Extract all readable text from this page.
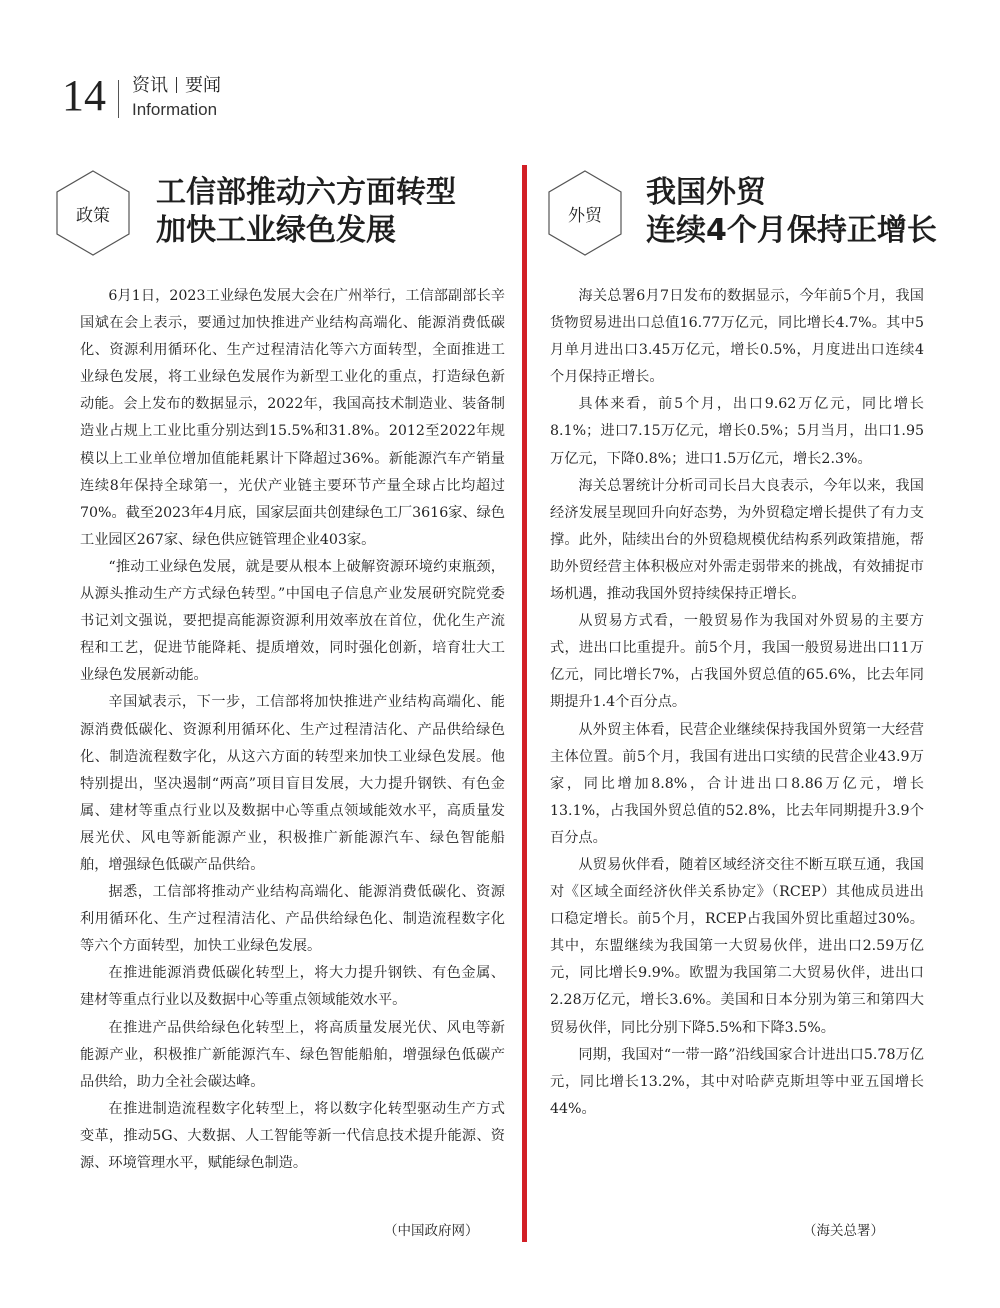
14 资讯 要闻
Information
政策
工信部推动六方面转型
加快工业绿色发展

6月1日，2023工业绿色发展大会在广州举行，工信部副部长辛国斌在会上表示，要通过加快推进产业结构高端化、能源消费低碳化、资源利用循环化、生产过程清洁化等六方面转型，全面推进工业绿色发展，将工业绿色发展作为新型工业化的重点，打造绿色新动能。会上发布的数据显示，2022年，我国高技术制造业、装备制造业占规上工业比重分别达到15.5%和31.8%。2012至2022年规模以上工业单位增加值能耗累计下降超过36%。新能源汽车产销量连续8年保持全球第一，光伏产业链主要环节产量全球占比均超过70%。截至2023年4月底，国家层面共创建绿色工厂3616家、绿色工业园区267家、绿色供应链管理企业403家。

“推动工业绿色发展，就是要从根本上破解资源环境约束瓶颈，从源头推动生产方式绿色转型。”中国电子信息产业发展研究院党委书记刘文强说，要把提高能源资源利用效率放在首位，优化生产流程和工艺，促进节能降耗、提质增效，同时强化创新，培育壮大工业绿色发展新动能。

辛国斌表示，下一步，工信部将加快推进产业结构高端化、能源消费低碳化、资源利用循环化、生产过程清洁化、产品供给绿色化、制造流程数字化，从这六方面的转型来加快工业绿色发展。他特别提出，坚决遏制“两高”项目盲目发展，大力提升钢铁、有色金属、建材等重点行业以及数据中心等重点领域能效水平，高质量发展光伏、风电等新能源产业，积极推广新能源汽车、绿色智能船舶，增强绿色低碳产品供给。

据悉，工信部将推动产业结构高端化、能源消费低碳化、资源利用循环化、生产过程清洁化、产品供给绿色化、制造流程数字化等六个方面转型，加快工业绿色发展。

在推进能源消费低碳化转型上，将大力提升钢铁、有色金属、建材等重点行业以及数据中心等重点领域能效水平。

在推进产品供给绿色化转型上，将高质量发展光伏、风电等新能源产业，积极推广新能源汽车、绿色智能船舶，增强绿色低碳产品供给，助力全社会碳达峰。

在推进制造流程数字化转型上，将以数字化转型驱动生产方式变革，推动5G、大数据、人工智能等新一代信息技术提升能源、资源、环境管理水平，赋能绿色制造。

（中国政府网）
外贸
我国外贸
连续4个月保持正增长

海关总署6月7日发布的数据显示，今年前5个月，我国货物贸易进出口总值16.77万亿元，同比增长4.7%。其中5月单月进出口3.45万亿元，增长0.5%，月度进出口连续4个月保持正增长。

具体来看，前5个月，出口9.62万亿元，同比增长8.1%；进口7.15万亿元，增长0.5%；5月当月，出口1.95万亿元，下降0.8%；进口1.5万亿元，增长2.3%。

海关总署统计分析司司长吕大良表示，今年以来，我国经济发展呈现回升向好态势，为外贸稳定增长提供了有力支撑。此外，陆续出台的外贸稳规模优结构系列政策措施，帮助外贸经营主体积极应对外需走弱带来的挑战，有效捕捉市场机遇，推动我国外贸持续保持正增长。

从贸易方式看，一般贸易作为我国对外贸易的主要方式，进出口比重提升。前5个月，我国一般贸易进出口11万亿元，同比增长7%，占我国外贸总值的65.6%，比去年同期提升1.4个百分点。

从外贸主体看，民营企业继续保持我国外贸第一大经营主体位置。前5个月，我国有进出口实绩的民营企业43.9万家，同比增加8.8%，合计进出口8.86万亿元，增长13.1%，占我国外贸总值的52.8%，比去年同期提升3.9个百分点。

从贸易伙伴看，随着区域经济交往不断互联互通，我国对《区域全面经济伙伴关系协定》（RCEP）其他成员进出口稳定增长。前5个月，RCEP占我国外贸比重超过30%。其中，东盟继续为我国第一大贸易伙伴，进出口2.59万亿元，同比增长9.9%。欧盟为我国第二大贸易伙伴，进出口2.28万亿元，增长3.6%。美国和日本分别为第三和第四大贸易伙伴，同比分别下降5.5%和下降3.5%。

同期，我国对“一带一路”沿线国家合计进出口5.78万亿元，同比增长13.2%，其中对哈萨克斯坦等中亚五国增长44%。

（海关总署）
